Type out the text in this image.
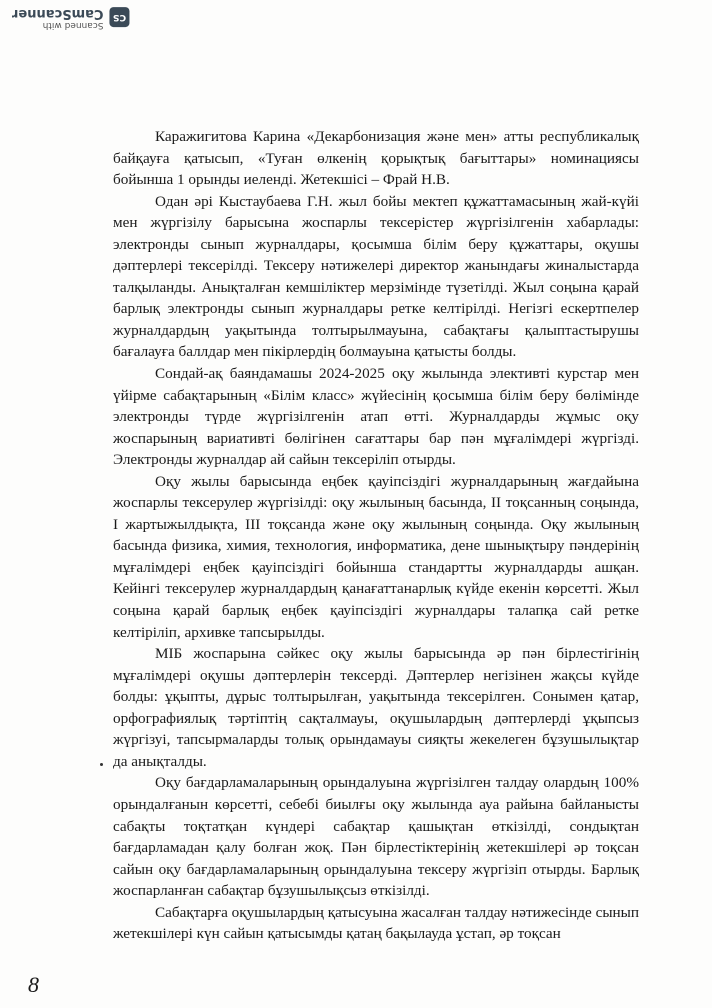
CS
Scanned with
CamScanner

Каражигитова Карина «Декарбонизация және мен» атты республикалық байқауға қатысып, «Туған өлкенің қорықтық бағыттары» номинациясы бойынша 1 орынды иеленді. Жетекшісі – Фрай Н.В.

Одан әрі Кыстаубаева Г.Н. жыл бойы мектеп құжаттамасының жай-күйі мен жүргізілу барысына жоспарлы тексерістер жүргізілгенін хабарлады: электронды сынып журналдары, қосымша білім беру құжаттары, оқушы дәптерлері тексерілді. Тексеру нәтижелері директор жанындағы жиналыстарда талқыланды. Анықталған кемшіліктер мерзімінде түзетілді. Жыл соңына қарай барлық электронды сынып журналдары ретке келтірілді. Негізгі ескертпелер журналдардың уақытында толтырылмауына, сабақтағы қалыптастырушы бағалауға баллдар мен пікірлердің болмауына қатысты болды.

Сондай-ақ баяндамашы 2024-2025 оқу жылында элективті курстар мен үйірме сабақтарының «Білім класс» жүйесінің қосымша білім беру бөлімінде электронды түрде жүргізілгенін атап өтті. Журналдарды жұмыс оқу жоспарының вариативті бөлігінен сағаттары бар пән мұғалімдері жүргізді. Электронды журналдар ай сайын тексеріліп отырды.

Оқу жылы барысында еңбек қауіпсіздігі журналдарының жағдайына жоспарлы тексерулер жүргізілді: оқу жылының басында, II тоқсанның соңында, I жартыжылдықта, III тоқсанда және оқу жылының соңында. Оқу жылының басында физика, химия, технология, информатика, дене шынықтыру пәндерінің мұғалімдері еңбек қауіпсіздігі бойынша стандартты журналдарды ашқан. Кейінгі тексерулер журналдардың қанағаттанарлық күйде екенін көрсетті. Жыл соңына қарай барлық еңбек қауіпсіздігі журналдары талапқа сай ретке келтіріліп, архивке тапсырылды.

МІБ жоспарына сәйкес оқу жылы барысында әр пән бірлестігінің мұғалімдері оқушы дәптерлерін тексерді. Дәптерлер негізінен жақсы күйде болды: ұқыпты, дұрыс толтырылған, уақытында тексерілген. Сонымен қатар, орфографиялық тәртіптің сақталмауы, оқушылардың дәптерлерді ұқыпсыз жүргізуі, тапсырмаларды толық орындамауы сияқты жекелеген бұзушылықтар да анықталды.

Оқу бағдарламаларының орындалуына жүргізілген талдау олардың 100% орындалғанын көрсетті, себебі биылғы оқу жылында ауа райына байланысты сабақты тоқтатқан күндері сабақтар қашықтан өткізілді, сондықтан бағдарламадан қалу болған жоқ. Пән бірлестіктерінің жетекшілері әр тоқсан сайын оқу бағдарламаларының орындалуына тексеру жүргізіп отырды. Барлық жоспарланған сабақтар бұзушылықсыз өткізілді.

Сабақтарға оқушылардың қатысуына жасалған талдау нәтижесінде сынып жетекшілері күн сайын қатысымды қатаң бақылауда ұстап, әр тоқсан

8
